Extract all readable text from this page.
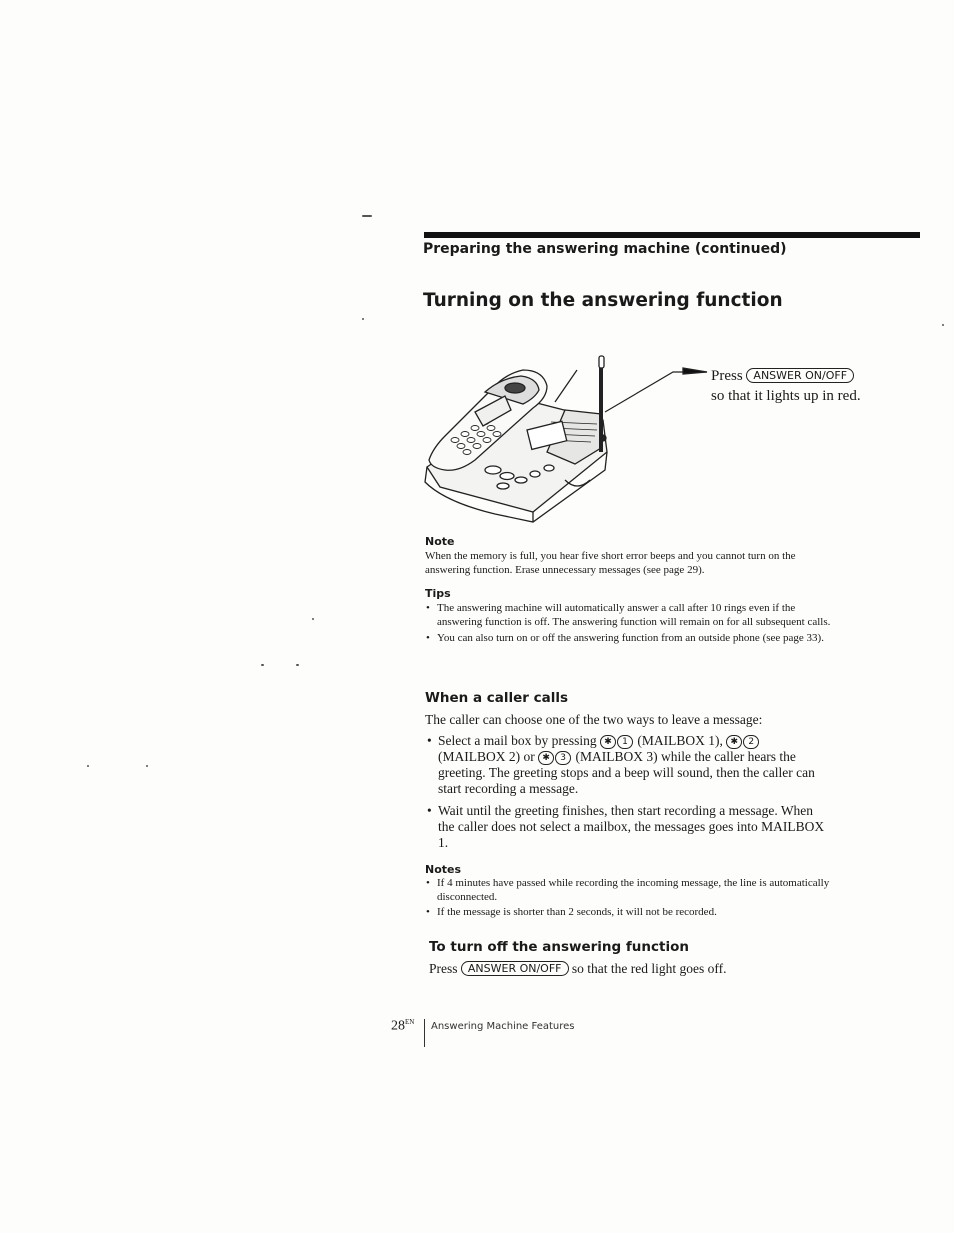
Preparing the answering machine (continued)
Turning on the answering function
Press ANSWER ON/OFF
so that it lights up in red.
Note
When the memory is full, you hear five short error beeps and you cannot turn on the answering function. Erase unnecessary messages (see page 29).
Tips
• The answering machine will automatically answer a call after 10 rings even if the answering function is off. The answering function will remain on for all subsequent calls.
• You can also turn on or off the answering function from an outside phone (see page 33).
When a caller calls
The caller can choose one of the two ways to leave a message:
• Select a mail box by pressing ✱ 1 (MAILBOX 1), ✱ 2 (MAILBOX 2) or ✱ 3 (MAILBOX 3) while the caller hears the greeting. The greeting stops and a beep will sound, then the caller can start recording a message.
• Wait until the greeting finishes, then start recording a message. When the caller does not select a mailbox, the messages goes into MAILBOX 1.
Notes
• If 4 minutes have passed while recording the incoming message, the line is automatically disconnected.
• If the message is shorter than 2 seconds, it will not be recorded.
To turn off the answering function
Press ANSWER ON/OFF so that the red light goes off.
$28^{EN}$ Answering Machine Features
